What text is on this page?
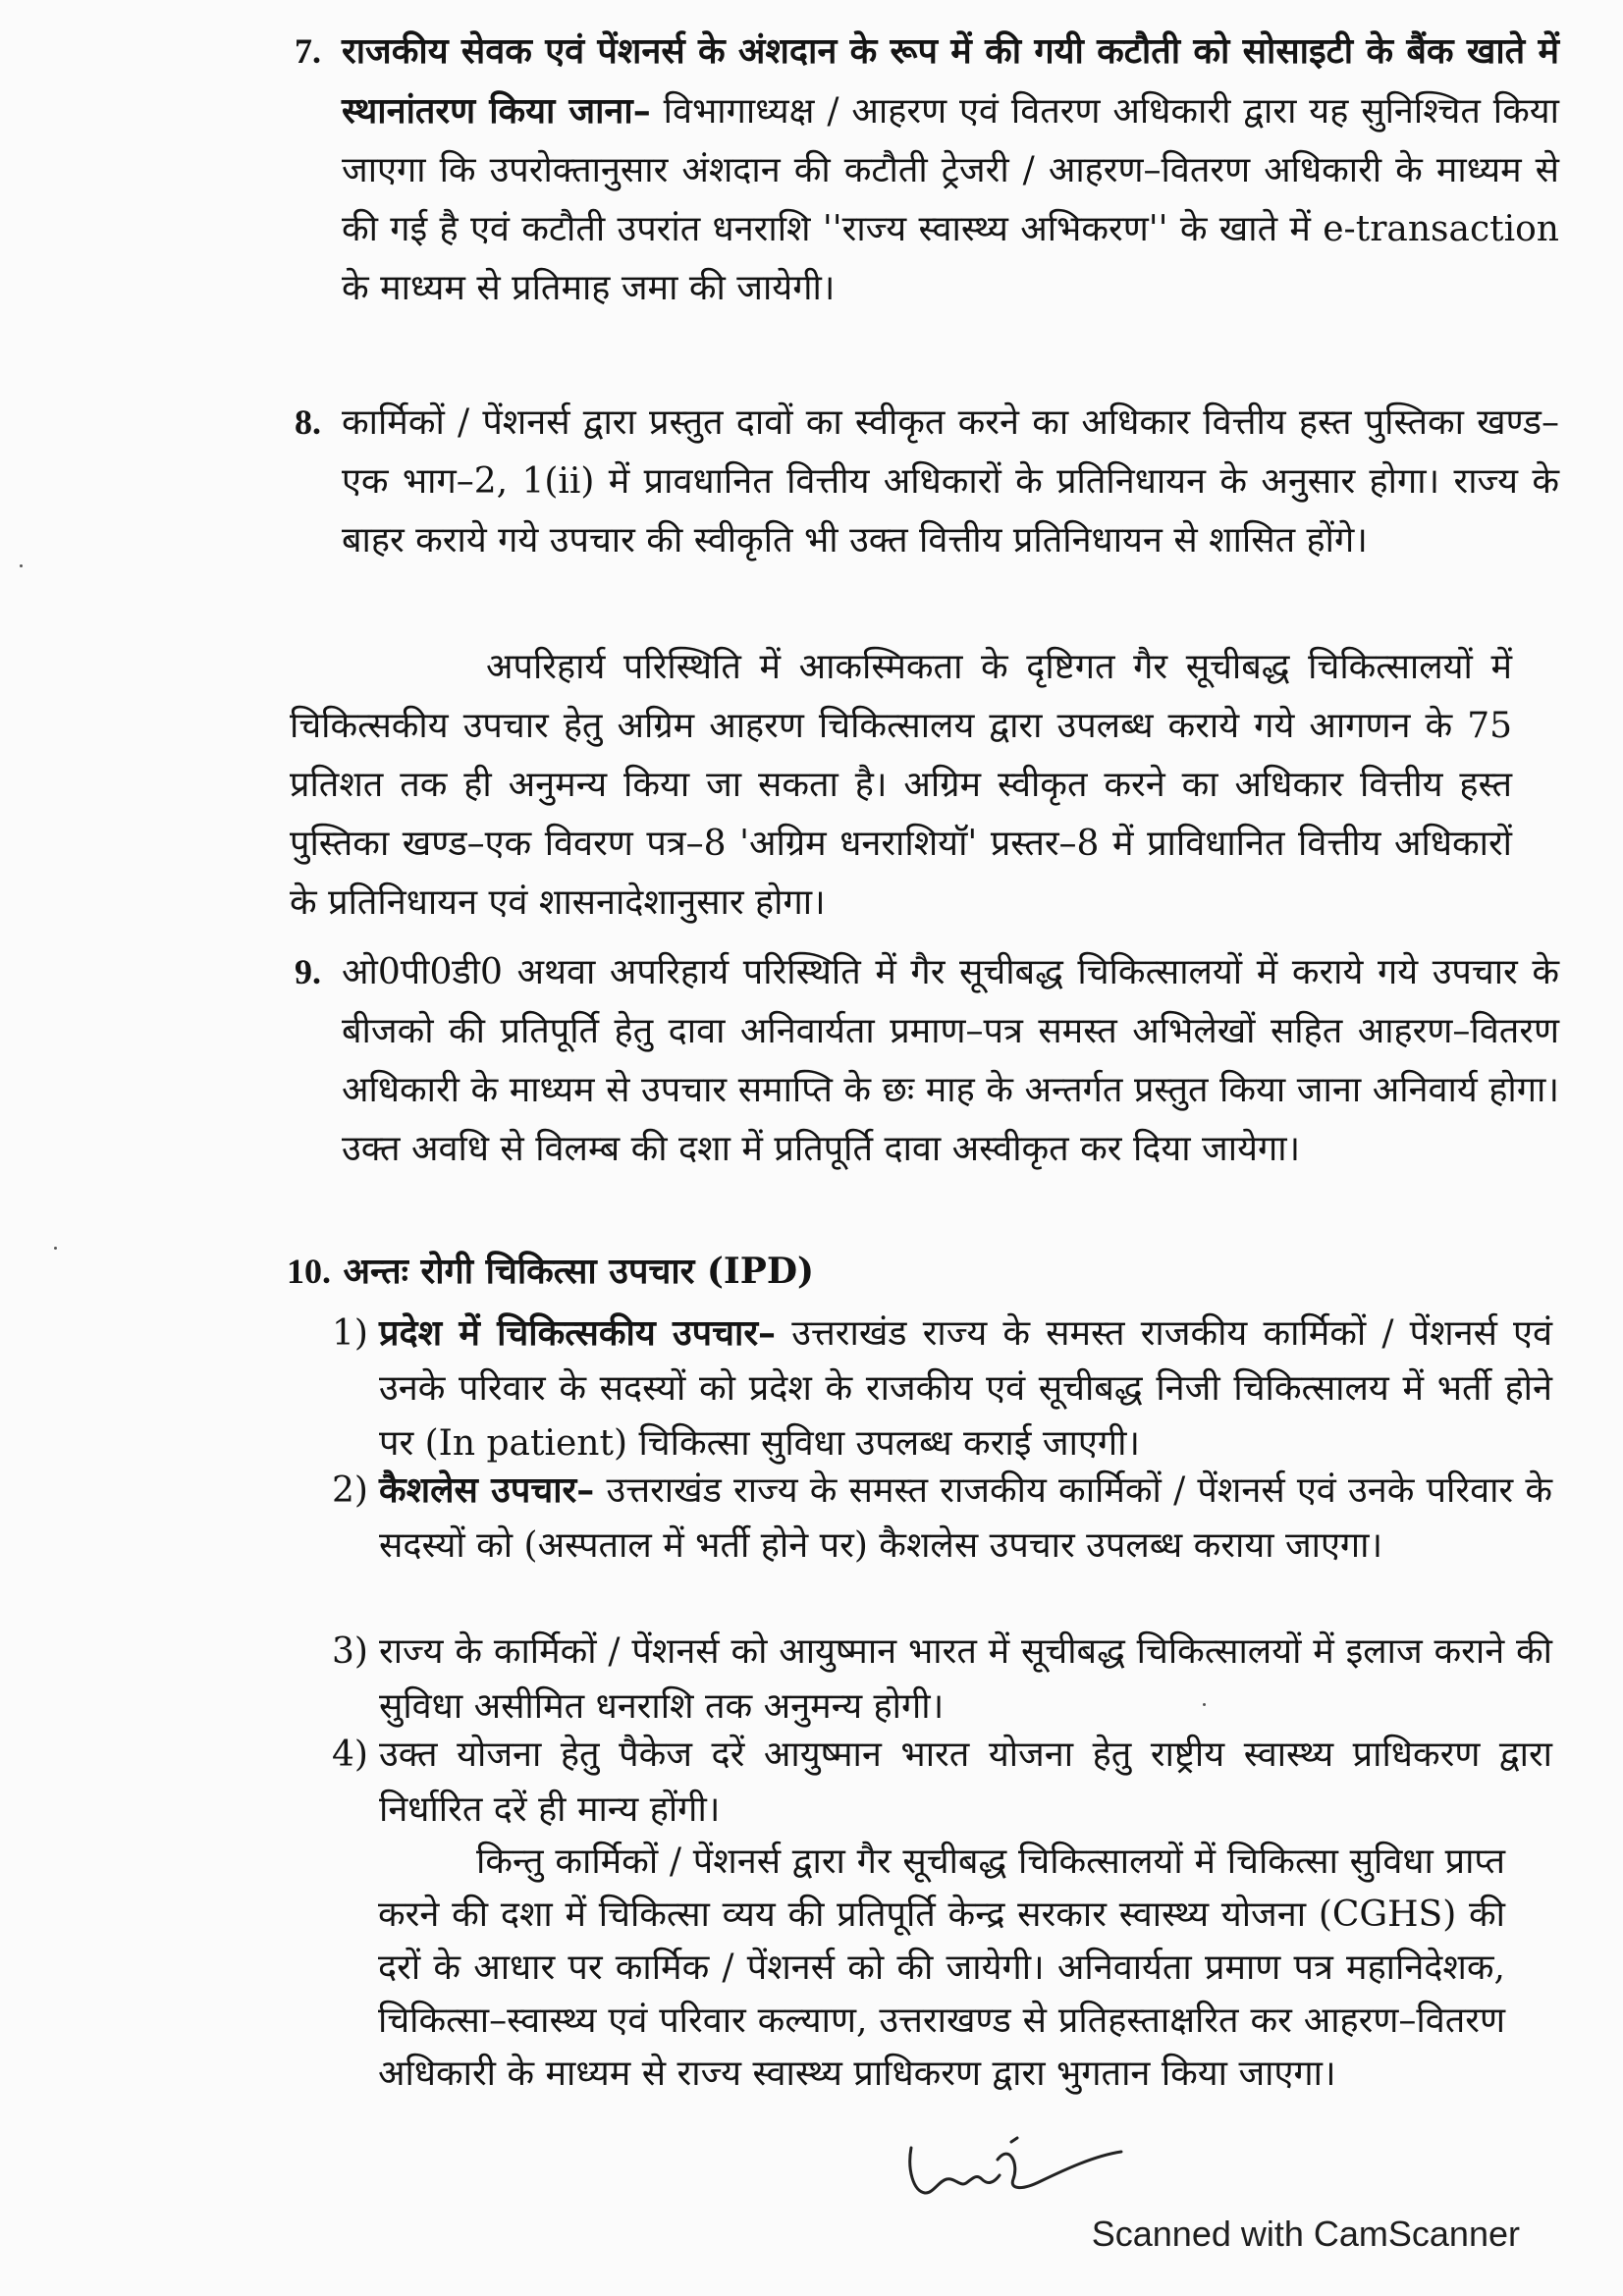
7. राजकीय सेवक एवं पेंशनर्स के अंशदान के रूप में की गयी कटौती को सोसाइटी के बैंक खाते में स्थानांतरण किया जाना– विभागाध्यक्ष / आहरण एवं वितरण अधिकारी द्वारा यह सुनिश्चित किया जाएगा कि उपरोक्तानुसार अंशदान की कटौती ट्रेजरी / आहरण–वितरण अधिकारी के माध्यम से की गई है एवं कटौती उपरांत धनराशि ''राज्य स्वास्थ्य अभिकरण'' के खाते में e-transaction के माध्यम से प्रतिमाह जमा की जायेगी।
8. कार्मिकों / पेंशनर्स द्वारा प्रस्तुत दावों का स्वीकृत करने का अधिकार वित्तीय हस्त पुस्तिका खण्ड–एक भाग–2, 1(ii) में प्रावधानित वित्तीय अधिकारों के प्रतिनिधायन के अनुसार होगा। राज्य के बाहर कराये गये उपचार की स्वीकृति भी उक्त वित्तीय प्रतिनिधायन से शासित होंगे।
अपरिहार्य परिस्थिति में आकस्मिकता के दृष्टिगत गैर सूचीबद्ध चिकित्सालयों में चिकित्सकीय उपचार हेतु अग्रिम आहरण चिकित्सालय द्वारा उपलब्ध कराये गये आगणन के 75 प्रतिशत तक ही अनुमन्य किया जा सकता है। अग्रिम स्वीकृत करने का अधिकार वित्तीय हस्त पुस्तिका खण्ड–एक विवरण पत्र–8 'अग्रिम धनराशियॉ' प्रस्तर–8 में प्राविधानित वित्तीय अधिकारों के प्रतिनिधायन एवं शासनादेशानुसार होगा।
9. ओ0पी0डी0 अथवा अपरिहार्य परिस्थिति में गैर सूचीबद्ध चिकित्सालयों में कराये गये उपचार के बीजको की प्रतिपूर्ति हेतु दावा अनिवार्यता प्रमाण–पत्र समस्त अभिलेखों सहित आहरण–वितरण अधिकारी के माध्यम से उपचार समाप्ति के छः माह के अन्तर्गत प्रस्तुत किया जाना अनिवार्य होगा। उक्त अवधि से विलम्ब की दशा में प्रतिपूर्ति दावा अस्वीकृत कर दिया जायेगा।
10. अन्तः रोगी चिकित्सा उपचार (IPD)
1) प्रदेश में चिकित्सकीय उपचार– उत्तराखंड राज्य के समस्त राजकीय कार्मिकों / पेंशनर्स एवं उनके परिवार के सदस्यों को प्रदेश के राजकीय एवं सूचीबद्ध निजी चिकित्सालय में भर्ती होने पर (In patient) चिकित्सा सुविधा उपलब्ध कराई जाएगी।
2) कैशलेस उपचार– उत्तराखंड राज्य के समस्त राजकीय कार्मिकों / पेंशनर्स एवं उनके परिवार के सदस्यों को (अस्पताल में भर्ती होने पर) कैशलेस उपचार उपलब्ध कराया जाएगा।
3) राज्य के कार्मिकों / पेंशनर्स को आयुष्मान भारत में सूचीबद्ध चिकित्सालयों में इलाज कराने की सुविधा असीमित धनराशि तक अनुमन्य होगी।
4) उक्त योजना हेतु पैकेज दरें आयुष्मान भारत योजना हेतु राष्ट्रीय स्वास्थ्य प्राधिकरण द्वारा निर्धारित दरें ही मान्य होंगी।
किन्तु कार्मिकों / पेंशनर्स द्वारा गैर सूचीबद्ध चिकित्सालयों में चिकित्सा सुविधा प्राप्त करने की दशा में चिकित्सा व्यय की प्रतिपूर्ति केन्द्र सरकार स्वास्थ्य योजना (CGHS) की दरों के आधार पर कार्मिक / पेंशनर्स को की जायेगी। अनिवार्यता प्रमाण पत्र महानिदेशक, चिकित्सा–स्वास्थ्य एवं परिवार कल्याण, उत्तराखण्ड से प्रतिहस्ताक्षरित कर आहरण–वितरण अधिकारी के माध्यम से राज्य स्वास्थ्य प्राधिकरण द्वारा भुगतान किया जाएगा।
Scanned with CamScanner
